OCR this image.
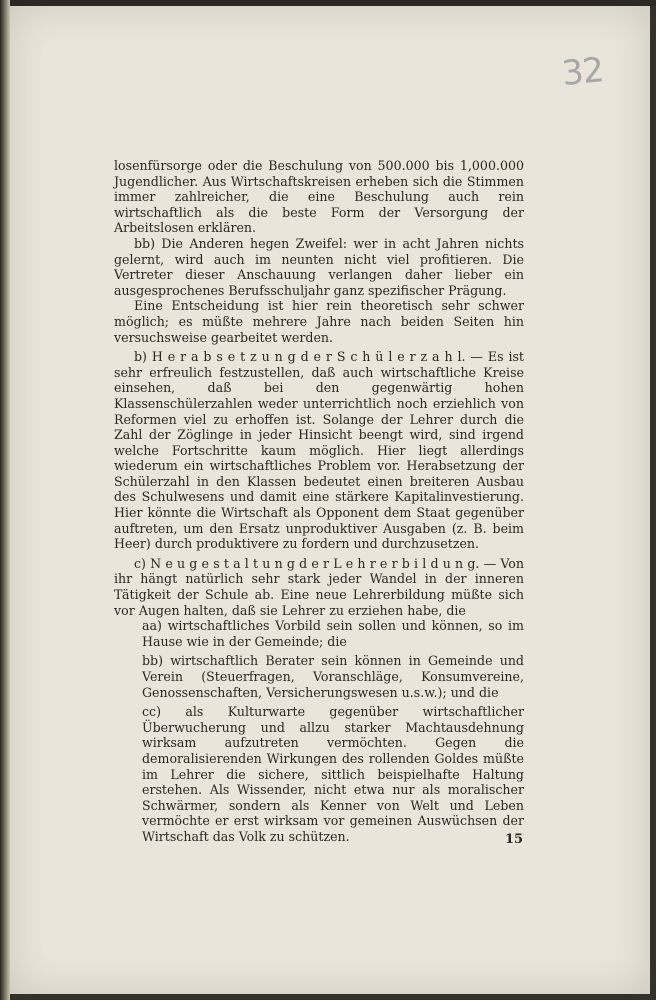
32

losenfürsorge oder die Beschulung von 500.000 bis 1,000.000 Jugendlicher. Aus Wirtschaftskreisen erheben sich die Stimmen immer zahlreicher, die eine Beschulung auch rein wirtschaftlich als die beste Form der Versorgung der Arbeitslosen erklären.

bb) Die Anderen hegen Zweifel: wer in acht Jahren nichts gelernt, wird auch im neunten nicht viel profitieren. Die Vertreter dieser Anschauung verlangen daher lieber ein ausgesprochenes Berufsschuljahr ganz spezifischer Prägung.

Eine Entscheidung ist hier rein theoretisch sehr schwer möglich; es müßte mehrere Jahre nach beiden Seiten hin versuchsweise gearbeitet werden.

b) H e r a b s e t z u n g d e r S c h ü l e r z a h l. — Es ist sehr erfreulich festzustellen, daß auch wirtschaftliche Kreise einsehen, daß bei den gegenwärtig hohen Klassenschülerzahlen weder unterrichtlich noch erziehlich von Reformen viel zu erhoffen ist. Solange der Lehrer durch die Zahl der Zöglinge in jeder Hinsicht beengt wird, sind irgend welche Fortschritte kaum möglich. Hier liegt allerdings wiederum ein wirtschaftliches Problem vor. Herabsetzung der Schülerzahl in den Klassen bedeutet einen breiteren Ausbau des Schulwesens und damit eine stärkere Kapitalinvestierung. Hier könnte die Wirtschaft als Opponent dem Staat gegenüber auftreten, um den Ersatz unproduktiver Ausgaben (z. B. beim Heer) durch produktivere zu fordern und durchzusetzen.

c) N e u g e s t a l t u n g d e r L e h r e r b i l d u n g. — Von ihr hängt natürlich sehr stark jeder Wandel in der inneren Tätigkeit der Schule ab. Eine neue Lehrerbildung müßte sich vor Augen halten, daß sie Lehrer zu erziehen habe, die

aa) wirtschaftliches Vorbild sein sollen und können, so im Hause wie in der Gemeinde; die

bb) wirtschaftlich Berater sein können in Gemeinde und Verein (Steuerfragen, Voranschläge, Konsumvereine, Genossenschaften, Versicherungswesen u.s.w.); und die

cc) als Kulturwarte gegenüber wirtschaftlicher Überwucherung und allzu starker Machtausdehnung wirksam aufzutreten vermöchten. Gegen die demoralisierenden Wirkungen des rollenden Goldes müßte im Lehrer die sichere, sittlich beispielhafte Haltung erstehen. Als Wissender, nicht etwa nur als moralischer Schwärmer, sondern als Kenner von Welt und Leben vermöchte er erst wirksam vor gemeinen Auswüchsen der Wirtschaft das Volk zu schützen.	15
